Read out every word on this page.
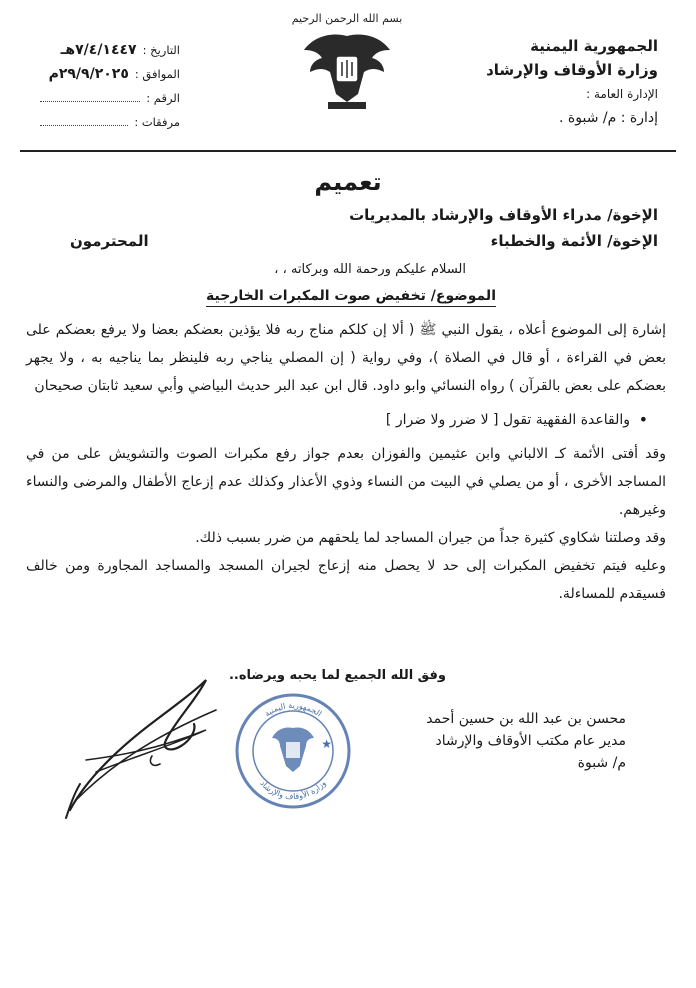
الجمهورية اليمنية
وزارة الأوقاف والإرشاد
الإدارة العامة :
إدارة : م/ شبوة .
بسم الله الرحمن الرحيم
التاريخ :
٧/٤/١٤٤٧هـ
الموافق :
٢٩/٩/٢٠٢٥م
الرقم :
مرفقات :
تعميم
الإخوة/ مدراء الأوقاف والإرشاد بالمديريات
الإخوة/ الأئمة والخطباء
المحترمون
السلام عليكم ورحمة الله وبركاته ، ،
الموضوع/ تخفيض صوت المكبرات الخارجية

إشارة إلى الموضوع أعلاه ، يقول النبي ﷺ ( ألا إن كلكم مناج ربه فلا يؤذين بعضكم بعضا ولا يرفع بعضكم على بعض في القراءة ، أو قال في الصلاة )، وفي رواية ( إن المصلي يناجي ربه فلينظر بما يناجيه به ، ولا يجهر بعضكم على بعض بالقرآن ) رواه النسائي وابو داود. قال ابن عبد البر حديث البياضي وأبي سعيد ثابتان صحيحان

• والقاعدة الفقهية تقول [ لا ضرر ولا ضرار ]

وقد أفتى الأئمة كـ الالباني وابن عثيمين والفوزان بعدم جواز رفع مكبرات الصوت والتشويش على من في المساجد الأخرى ، أو من يصلي في البيت من النساء وذوي الأعذار وكذلك عدم إزعاج الأطفال والمرضى والنساء وغيرهم.

وقد وصلتنا شكاوي كثيرة جداً من جيران المساجد لما يلحقهم من ضرر بسبب ذلك.

وعليه فيتم تخفيض المكبرات إلى حد لا يحصل منه إزعاج لجيران المسجد والمساجد المجاورة ومن خالف فسيقدم للمساءلة.

وفق الله الجميع لما يحبه ويرضاه..
محسن بن عبد الله بن حسين أحمد
مدير عام مكتب الأوقاف والإرشاد
م/ شبوة
★
الجمهورية اليمنية
وزارة الأوقاف والإرشاد
